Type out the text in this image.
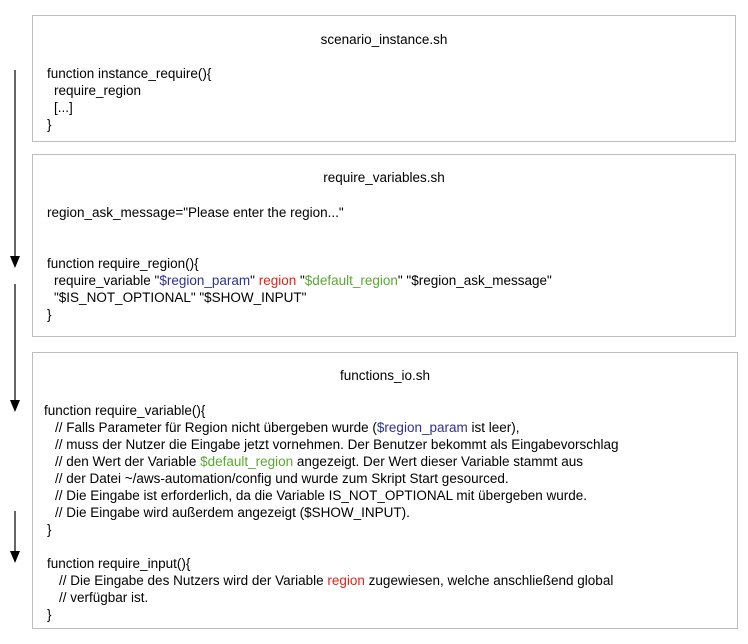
scenario_instance.sh
function instance_require(){
require_region
[...]
}
require_variables.sh
region_ask_message="Please enter the region..."
function require_region(){
require_variable "$region_param" region "$default_region" "$region_ask_message"
"$IS_NOT_OPTIONAL" "$SHOW_INPUT"
}
functions_io.sh
function require_variable(){
// Falls Parameter für Region nicht übergeben wurde ($region_param ist leer),
// muss der Nutzer die Eingabe jetzt vornehmen. Der Benutzer bekommt als Eingabevorschlag
// den Wert der Variable $default_region angezeigt. Der Wert dieser Variable stammt aus
// der Datei ~/aws-automation/config und wurde zum Skript Start gesourced.
// Die Eingabe ist erforderlich, da die Variable IS_NOT_OPTIONAL mit übergeben wurde.
// Die Eingabe wird außerdem angezeigt ($SHOW_INPUT).
}
function require_input(){
// Die Eingabe des Nutzers wird der Variable region zugewiesen, welche anschließend global
// verfügbar ist.
}
